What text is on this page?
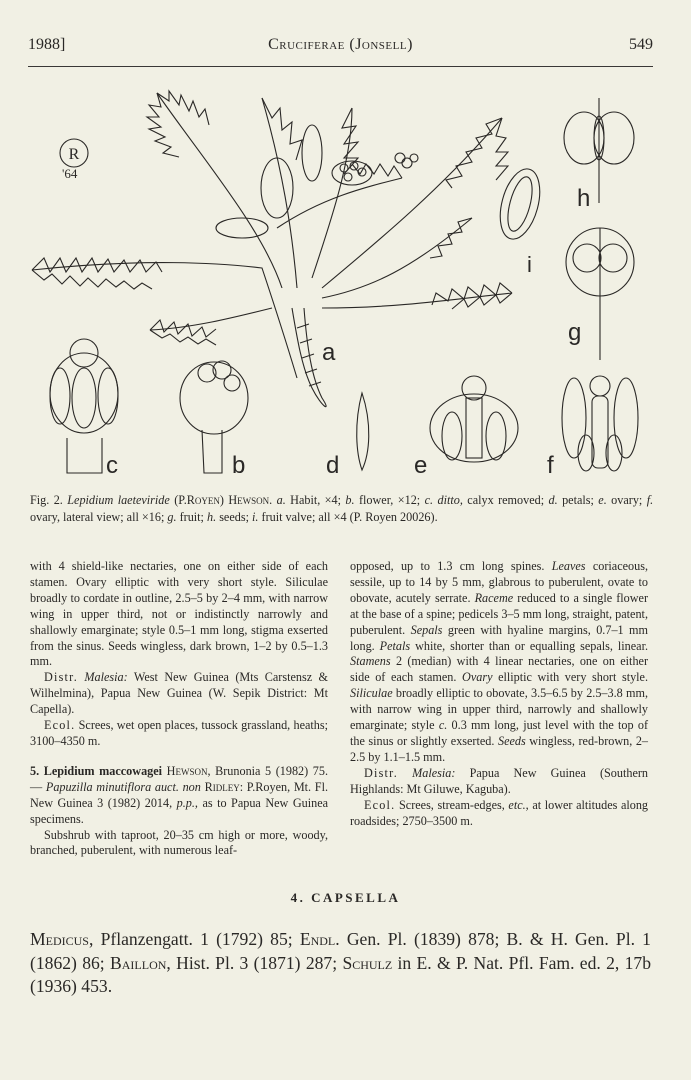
1988]	Cruciferae (Jonsell)	549
R
'64
a
h
i
g
c	b	d	e	f
Fig. 2. Lepidium laeteviride (P.Royen) Hewson. a. Habit, ×4; b. flower, ×12; c. ditto, calyx removed; d. petals; e. ovary; f. ovary, lateral view; all ×16; g. fruit; h. seeds; i. fruit valve; all ×4 (P. Royen 20026).

with 4 shield-like nectaries, one on either side of each stamen. Ovary elliptic with very short style. Siliculae broadly to cordate in outline, 2.5–5 by 2–4 mm, with narrow wing in upper third, not or indistinctly narrowly and shallowly emarginate; style 0.5–1 mm long, stigma exserted from the sinus. Seeds wingless, dark brown, 1–2 by 0.5–1.3 mm.

Distr. Malesia: West New Guinea (Mts Carstensz & Wilhelmina), Papua New Guinea (W. Sepik District: Mt Capella).

Ecol. Screes, wet open places, tussock grassland, heaths; 3100–4350 m.

5. Lepidium maccowagei Hewson, Brunonia 5 (1982) 75. — Papuzilla minutiflora auct. non Ridley: P.Royen, Mt. Fl. New Guinea 3 (1982) 2014, p.p., as to Papua New Guinea specimens.

Subshrub with taproot, 20–35 cm high or more, woody, branched, puberulent, with numerous leaf-

opposed, up to 1.3 cm long spines. Leaves coriaceous, sessile, up to 14 by 5 mm, glabrous to puberulent, ovate to obovate, acutely serrate. Raceme reduced to a single flower at the base of a spine; pedicels 3–5 mm long, straight, patent, puberulent. Sepals green with hyaline margins, 0.7–1 mm long. Petals white, shorter than or equalling sepals, linear. Stamens 2 (median) with 4 linear nectaries, one on either side of each stamen. Ovary elliptic with very short style. Siliculae broadly elliptic to obovate, 3.5–6.5 by 2.5–3.8 mm, with narrow wing in upper third, narrowly and shallowly emarginate; style c. 0.3 mm long, just level with the top of the sinus or slightly exserted. Seeds wingless, red-brown, 2–2.5 by 1.1–1.5 mm.

Distr. Malesia: Papua New Guinea (Southern Highlands: Mt Giluwe, Kaguba).

Ecol. Screes, stream-edges, etc., at lower altitudes along roadsides; 2750–3500 m.

4. CAPSELLA
Medicus, Pflanzengatt. 1 (1792) 85; Endl. Gen. Pl. (1839) 878; B. & H. Gen. Pl. 1 (1862) 86; Baillon, Hist. Pl. 3 (1871) 287; Schulz in E. & P. Nat. Pfl. Fam. ed. 2, 17b (1936) 453.
